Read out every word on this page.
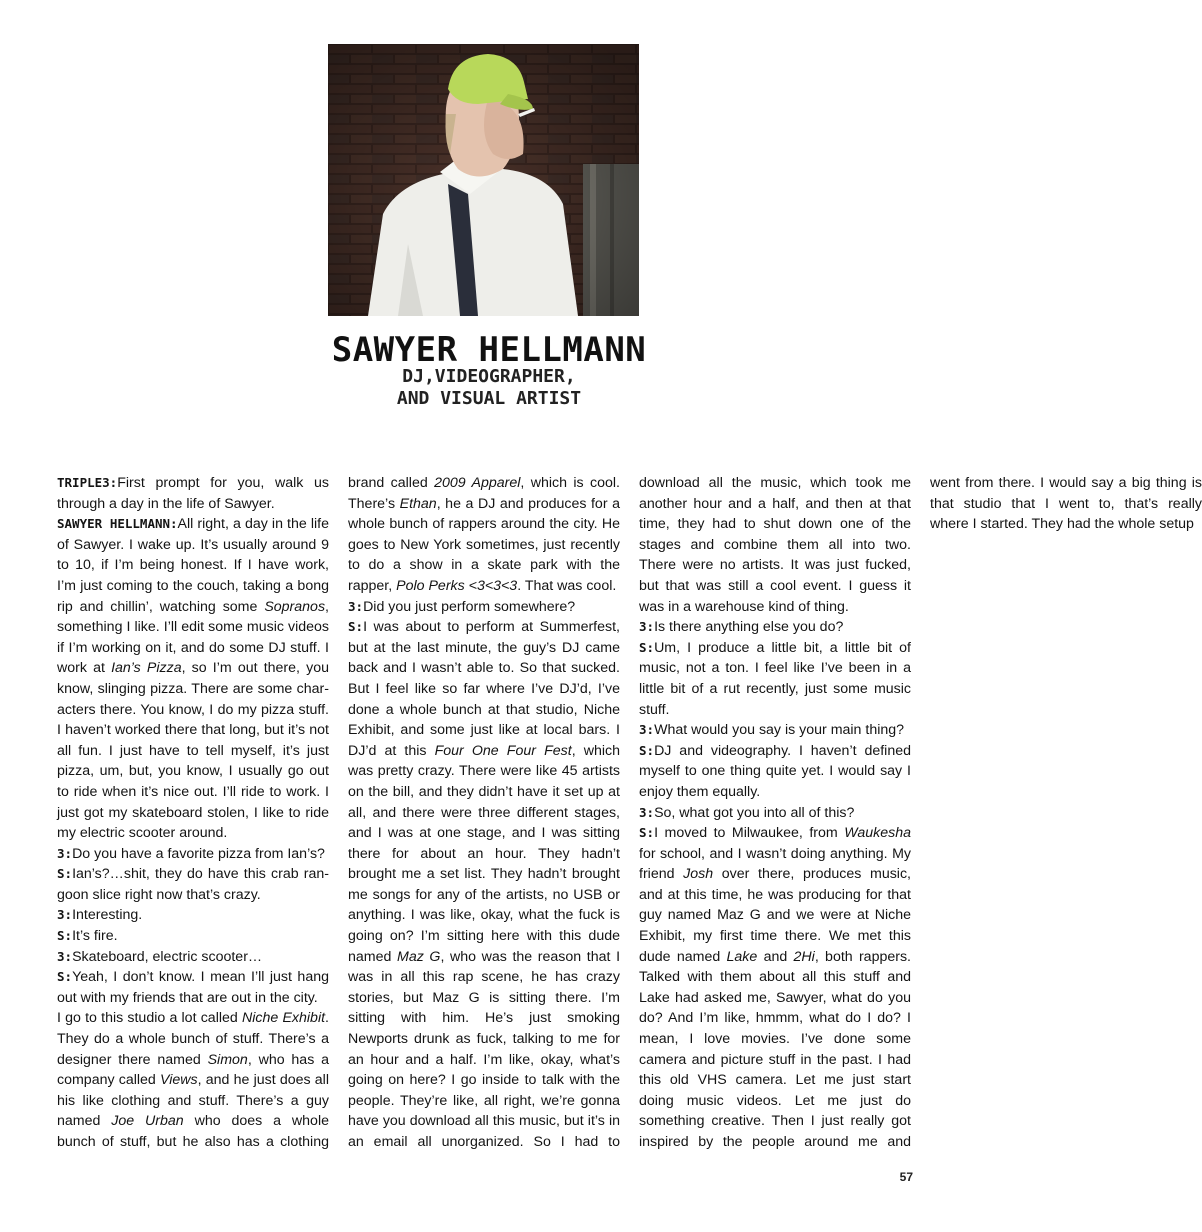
SAWYER HELLMANN
DJ,VIDEOGRAPHER,
AND VISUAL ARTIST

TRIPLE3:First prompt for you, walk us through a day in the life of Sawyer.

SAWYER HELLMANN:All right, a day in the life of Sawyer. I wake up. It’s usually around 9 to 10, if I’m being honest. If I have work, I’m just coming to the couch, taking a bong rip and chillin’, watching some Sopranos, something I like. I’ll edit some music videos if I’m working on it, and do some DJ stuff. I work at Ian’s Pizza, so I’m out there, you know, slinging pizza. There are some characters there. You know, I do my pizza stuff. I haven’t worked there that long, but it’s not all fun. I just have to tell myself, it’s just pizza, um, but, you know, I usually go out to ride when it’s nice out. I’ll ride to work. I just got my skateboard stolen, I like to ride my electric scooter around.

3:Do you have a favorite pizza from Ian’s?

S:Ian’s?…shit, they do have this crab rangoon slice right now that’s crazy.

3:Interesting.

S:It’s fire.

3:Skateboard, electric scooter…

S:Yeah, I don’t know. I mean I’ll just hang out with my friends that are out in the city.

I go to this studio a lot called Niche Exhibit. They do a whole bunch of stuff. There’s a designer there named Simon, who has a company called Views, and he just does all his like clothing and stuff. There’s a guy named Joe Urban who does a whole bunch of stuff, but he also has a clothing brand called 2009 Apparel, which is cool. There’s Ethan, he a DJ and produces for a whole bunch of rappers around the city. He goes to New York sometimes, just recently to do a show in a skate park with the rapper, Polo Perks <3<3<3. That was cool.

3:Did you just perform somewhere?

S:I was about to perform at Summerfest, but at the last minute, the guy’s DJ came back and I wasn’t able to. So that sucked. But I feel like so far where I’ve DJ’d, I’ve done a whole bunch at that studio, Niche Exhibit, and some just like at local bars. I DJ’d at this Four One Four Fest, which was pretty crazy. There were like 45 artists on the bill, and they didn’t have it set up at all, and there were three different stages, and I was at one stage, and I was sitting there for about an hour. They hadn’t brought me a set list. They hadn’t brought me songs for any of the artists, no USB or anything. I was like, okay, what the fuck is going on? I’m sitting here with this dude named Maz G, who was the reason that I was in all this rap scene, he has crazy stories, but Maz G is sitting there. I’m sitting with him. He’s just smoking Newports drunk as fuck, talking to me for an hour and a half. I’m like, okay, what’s going on here? I go inside to talk with the people. They’re like, all right, we’re gonna have you download all this music, but it’s in an email all unorganized. So I had to download all the music, which took me another hour and a half, and then at that time, they had to shut down one of the stages and combine them all into two. There were no artists. It was just fucked, but that was still a cool event. I guess it was in a warehouse kind of thing.

3:Is there anything else you do?

S:Um, I produce a little bit, a little bit of music, not a ton. I feel like I’ve been in a little bit of a rut recently, just some music stuff.

3:What would you say is your main thing?

S:DJ and videography. I haven’t defined myself to one thing quite yet. I would say I enjoy them equally.

3:So, what got you into all of this?

S:I moved to Milwaukee, from Waukesha for school, and I wasn’t doing anything. My friend Josh over there, produces music, and at this time, he was producing for that guy named Maz G and we were at Niche Exhibit, my first time there. We met this dude named Lake and 2Hi, both rappers. Talked with them about all this stuff and Lake had asked me, Sawyer, what do you do? And I’m like, hmmm, what do I do? I mean, I love movies. I’ve done some camera and picture stuff in the past. I had this old VHS camera. Let me just start doing music videos. Let me just do something creative. Then I just really got inspired by the people around me and went from there. I would say a big thing is that studio that I went to, that’s really where I started. They had the whole setup

57
